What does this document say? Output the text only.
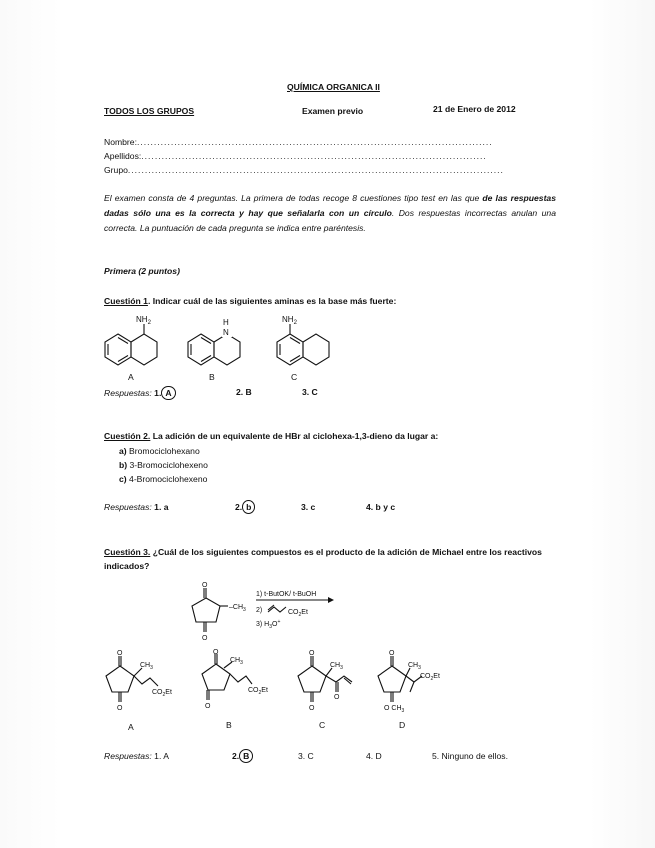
QUÍMICA ORGANICA II
TODOS LOS GRUPOS	Examen previo	21 de Enero de 2012
Nombre:.........................................................................................................
Apellidos:......................................................................................................
Grupo...............................................................................................................
El examen consta de 4 preguntas. La primera de todas recoge 8 cuestiones tipo test en las que de las respuestas dadas sólo una es la correcta y hay que señalarla con un círculo. Dos respuestas incorrectas anulan una correcta. La puntuación de cada pregunta se indica entre paréntesis.
Primera (2 puntos)
Cuestión 1. Indicar cuál de las siguientes aminas es la base más fuerte:
$NH_2$
N
H	$NH_2$
A	B	C
Respuestas: 1. A	2. B	3. C
Cuestión 2. La adición de un equivalente de HBr al ciclohexa-1,3-dieno da lugar a:
a) Bromociclohexano
b) 3-Bromociclohexeno
c) 4-Bromociclohexeno
Respuestas: 1. a	2. b	3. c	4. b y c
Cuestión 3. ¿Cuál de los siguientes compuestos es el producto de la adición de Michael entre los reactivos indicados?
O
O
$-CH_3$
1) t-ButOK/ t-BuOH
2)	$CO_2Et$
3) $H_3O^+$
O
O
$CH_3$
$CO_2Et$
O
O
$CH_3$
$CO_2Et$
O
O
$CH_3$
O
O
O $CH_3$
$CH_3$
$CO_2Et$
A	B	C	D
Respuestas: 1. A	2. B	3. C	4. D	5. Ninguno de ellos.
